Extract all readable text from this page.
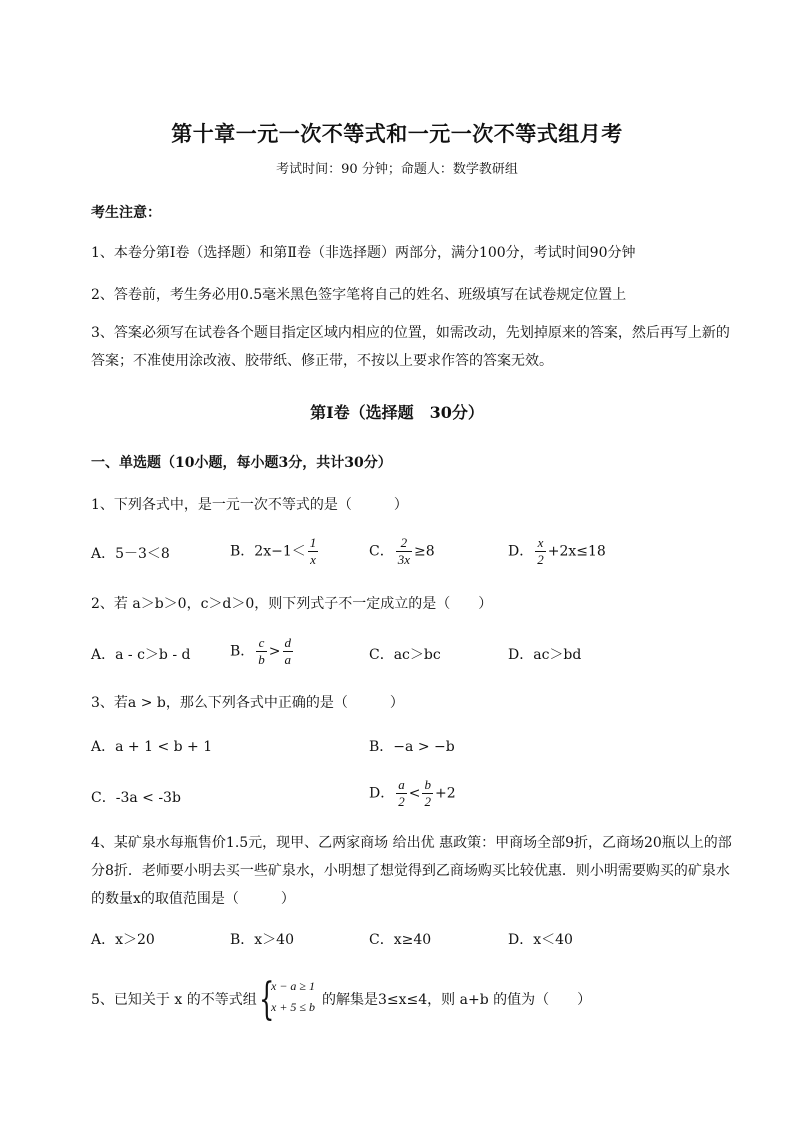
第十章一元一次不等式和一元一次不等式组月考
考试时间：90 分钟；命题人：数学教研组
考生注意：
1、本卷分第Ⅰ卷（选择题）和第Ⅱ卷（非选择题）两部分，满分100分，考试时间90分钟
2、答卷前，考生务必用0.5毫米黑色签字笔将自己的姓名、班级填写在试卷规定位置上
3、答案必须写在试卷各个题目指定区域内相应的位置，如需改动，先划掉原来的答案，然后再写上新的答案；不准使用涂改液、胶带纸、修正带，不按以上要求作答的答案无效。
第Ⅰ卷（选择题　30分）
一、单选题（10小题，每小题3分，共计30分）
1、下列各式中，是一元一次不等式的是（　　　）
A．5－3＜8	B．$2x-1< \frac{1}{x}$	C． $\frac{2}{3x} \ge 8$	D． $\frac{x}{2} +2x\le 18$
2、若 a＞b＞0，c＞d＞0，则下列式子不一定成立的是（　　）
A．a - c＞b - d	B． $\frac{c}{b} > \frac{d}{a}$	C．ac＞bc	D．ac＞bd
3、若a > b，那么下列各式中正确的是（　　　）
A．a + 1 < b + 1	B．−a > −b
C．-3a < -3b	D． $\frac{a}{2} < \frac{b}{2} +2$
4、某矿泉水每瓶售价1.5元，现甲、乙两家商场 给出优 惠政策：甲商场全部9折，乙商场20瓶以上的部分8折．老师要小明去买一些矿泉水，小明想了想觉得到乙商场购买比较优惠．则小明需要购买的矿泉水的数量x的取值范围是（　　　）
A．x＞20	B．x＞40	C．x≥40	D．x＜40
5、已知关于 x 的不等式组 {
x − a ≥ 1
x + 5 ≤ b 的解集是3≤x≤4，则 a+b 的值为（　　）
